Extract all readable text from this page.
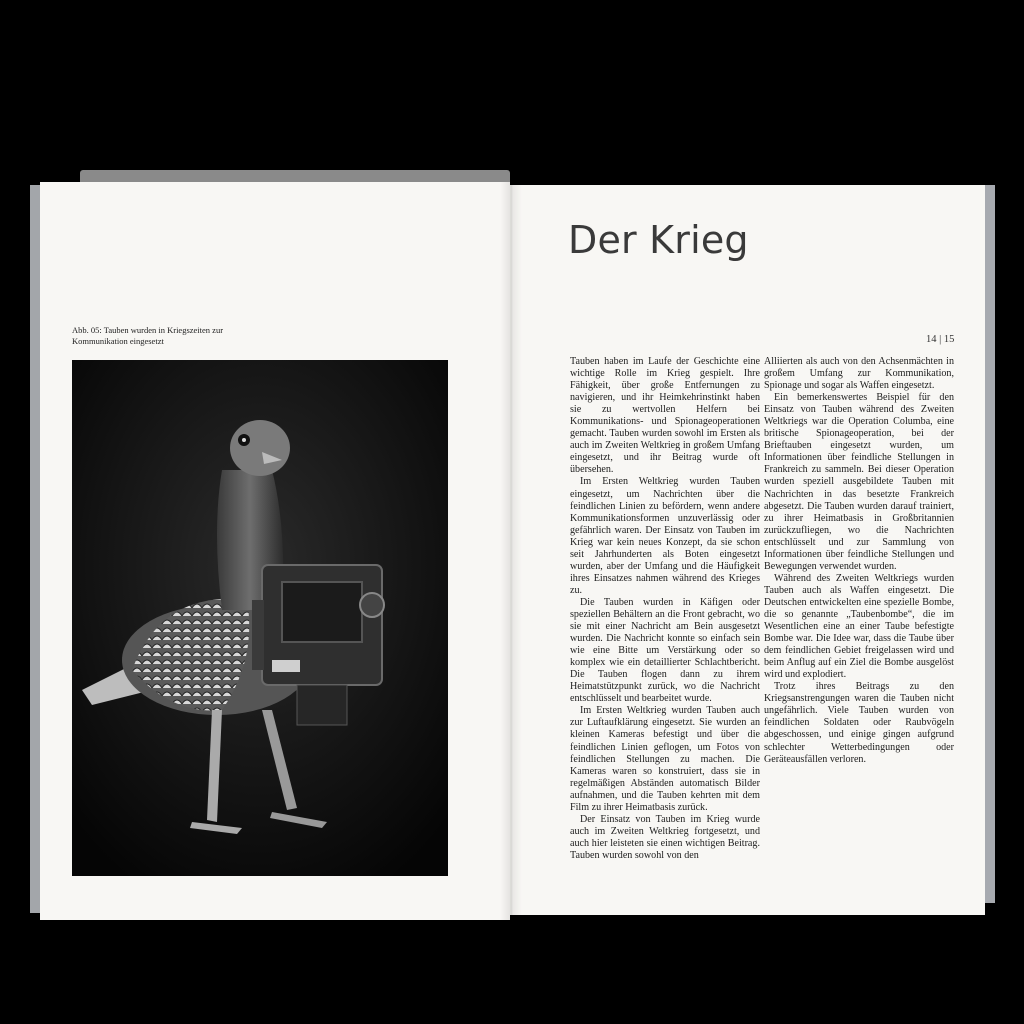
Abb. 05: Tauben wurden in Kriegszeiten zur Kommunikation eingesetzt
Der Krieg
14 | 15

Tauben haben im Laufe der Geschichte eine wichtige Rolle im Krieg gespielt. Ihre Fähigkeit, über große Entfernungen zu navigieren, und ihr Heimkehrinstinkt haben sie zu wertvollen Helfern bei Kommunikations- und Spionageoperationen gemacht. Tauben wurden sowohl im Ersten als auch im Zweiten Weltkrieg in großem Umfang eingesetzt, und ihr Beitrag wurde oft übersehen.

Im Ersten Weltkrieg wurden Tauben eingesetzt, um Nachrichten über die feindlichen Linien zu befördern, wenn andere Kommunikationsformen unzuverlässig oder gefährlich waren. Der Einsatz von Tauben im Krieg war kein neues Konzept, da sie schon seit Jahrhunderten als Boten eingesetzt wurden, aber der Umfang und die Häufigkeit ihres Einsatzes nahmen während des Krieges zu.

Die Tauben wurden in Käfigen oder speziellen Behältern an die Front gebracht, wo sie mit einer Nachricht am Bein ausgesetzt wurden. Die Nachricht konnte so einfach sein wie eine Bitte um Verstärkung oder so komplex wie ein detaillierter Schlachtbericht. Die Tauben flogen dann zu ihrem Heimatstützpunkt zurück, wo die Nachricht entschlüsselt und bearbeitet wurde.

Im Ersten Weltkrieg wurden Tauben auch zur Luftaufklärung eingesetzt. Sie wurden an kleinen Kameras befestigt und über die feindlichen Linien geflogen, um Fotos von feindlichen Stellungen zu machen. Die Kameras waren so konstruiert, dass sie in regelmäßigen Abständen automatisch Bilder aufnahmen, und die Tauben kehrten mit dem Film zu ihrer Heimatbasis zurück.

Der Einsatz von Tauben im Krieg wurde auch im Zweiten Weltkrieg fortgesetzt, und auch hier leisteten sie einen wichtigen Beitrag. Tauben wurden sowohl von den

Alliierten als auch von den Achsenmächten in großem Umfang zur Kommunikation, Spionage und sogar als Waffen eingesetzt.

Ein bemerkenswertes Beispiel für den Einsatz von Tauben während des Zweiten Weltkriegs war die Operation Columba, eine britische Spionageoperation, bei der Brieftauben eingesetzt wurden, um Informationen über feindliche Stellungen in Frankreich zu sammeln. Bei dieser Operation wurden speziell ausgebildete Tauben mit Nachrichten in das besetzte Frankreich abgesetzt. Die Tauben wurden darauf trainiert, zu ihrer Heimatbasis in Großbritannien zurückzufliegen, wo die Nachrichten entschlüsselt und zur Sammlung von Informationen über feindliche Stellungen und Bewegungen verwendet wurden.

Während des Zweiten Weltkriegs wurden Tauben auch als Waffen eingesetzt. Die Deutschen entwickelten eine spezielle Bombe, die so genannte „Taubenbombe“, die im Wesentlichen eine an einer Taube befestigte Bombe war. Die Idee war, dass die Taube über dem feindlichen Gebiet freigelassen wird und beim Anflug auf ein Ziel die Bombe ausgelöst wird und explodiert.

Trotz ihres Beitrags zu den Kriegsanstrengungen waren die Tauben nicht ungefährlich. Viele Tauben wurden von feindlichen Soldaten oder Raubvögeln abgeschossen, und einige gingen aufgrund schlechter Wetterbedingungen oder Geräteausfällen verloren.
